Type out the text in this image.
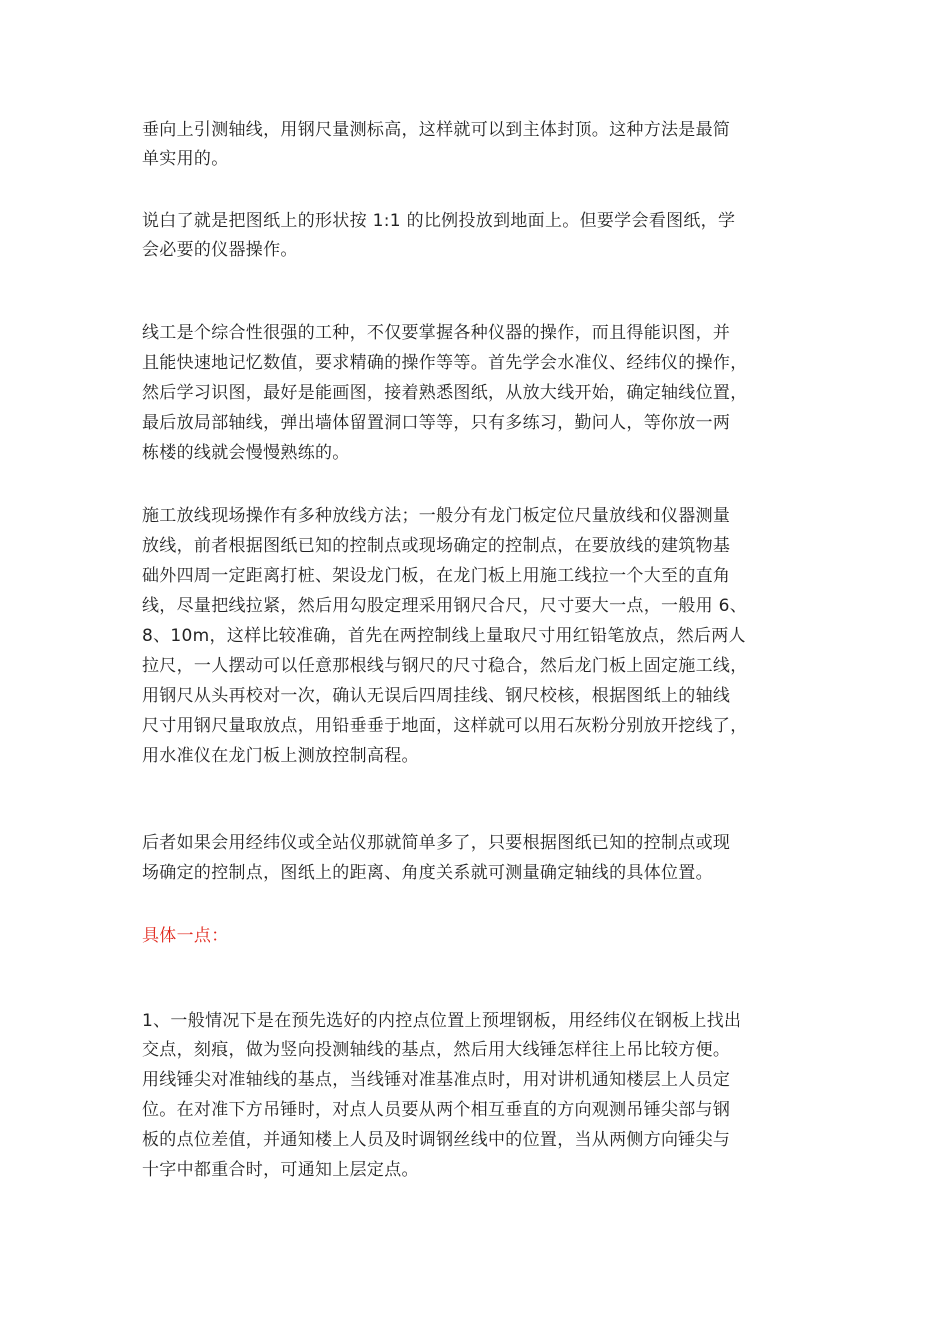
垂向上引测轴线，用钢尺量测标高，这样就可以到主体封顶。这种方法是最简
单实用的。
说白了就是把图纸上的形状按 1:1 的比例投放到地面上。但要学会看图纸，学
会必要的仪器操作。
线工是个综合性很强的工种，不仅要掌握各种仪器的操作，而且得能识图，并
且能快速地记忆数值，要求精确的操作等等。首先学会水准仪、经纬仪的操作，
然后学习识图，最好是能画图，接着熟悉图纸，从放大线开始，确定轴线位置，
最后放局部轴线，弹出墙体留置洞口等等，只有多练习，勤问人，等你放一两
栋楼的线就会慢慢熟练的。
施工放线现场操作有多种放线方法；一般分有龙门板定位尺量放线和仪器测量
放线，前者根据图纸已知的控制点或现场确定的控制点，在要放线的建筑物基
础外四周一定距离打桩、架设龙门板，在龙门板上用施工线拉一个大至的直角
线，尽量把线拉紧，然后用勾股定理采用钢尺合尺，尺寸要大一点，一般用 6、
8、10m，这样比较准确，首先在两控制线上量取尺寸用红铅笔放点，然后两人
拉尺，一人摆动可以任意那根线与钢尺的尺寸稳合，然后龙门板上固定施工线，
用钢尺从头再校对一次，确认无误后四周挂线、钢尺校核，根据图纸上的轴线
尺寸用钢尺量取放点，用铅垂垂于地面，这样就可以用石灰粉分别放开挖线了，
用水准仪在龙门板上测放控制高程。
后者如果会用经纬仪或全站仪那就简单多了，只要根据图纸已知的控制点或现
场确定的控制点，图纸上的距离、角度关系就可测量确定轴线的具体位置。
具体一点：
1、一般情况下是在预先选好的内控点位置上预埋钢板，用经纬仪在钢板上找出
交点，刻痕，做为竖向投测轴线的基点，然后用大线锤怎样往上吊比较方便。
用线锤尖对准轴线的基点，当线锤对准基准点时，用对讲机通知楼层上人员定
位。在对准下方吊锤时，对点人员要从两个相互垂直的方向观测吊锤尖部与钢
板的点位差值，并通知楼上人员及时调钢丝线中的位置，当从两侧方向锤尖与
十字中都重合时，可通知上层定点。
